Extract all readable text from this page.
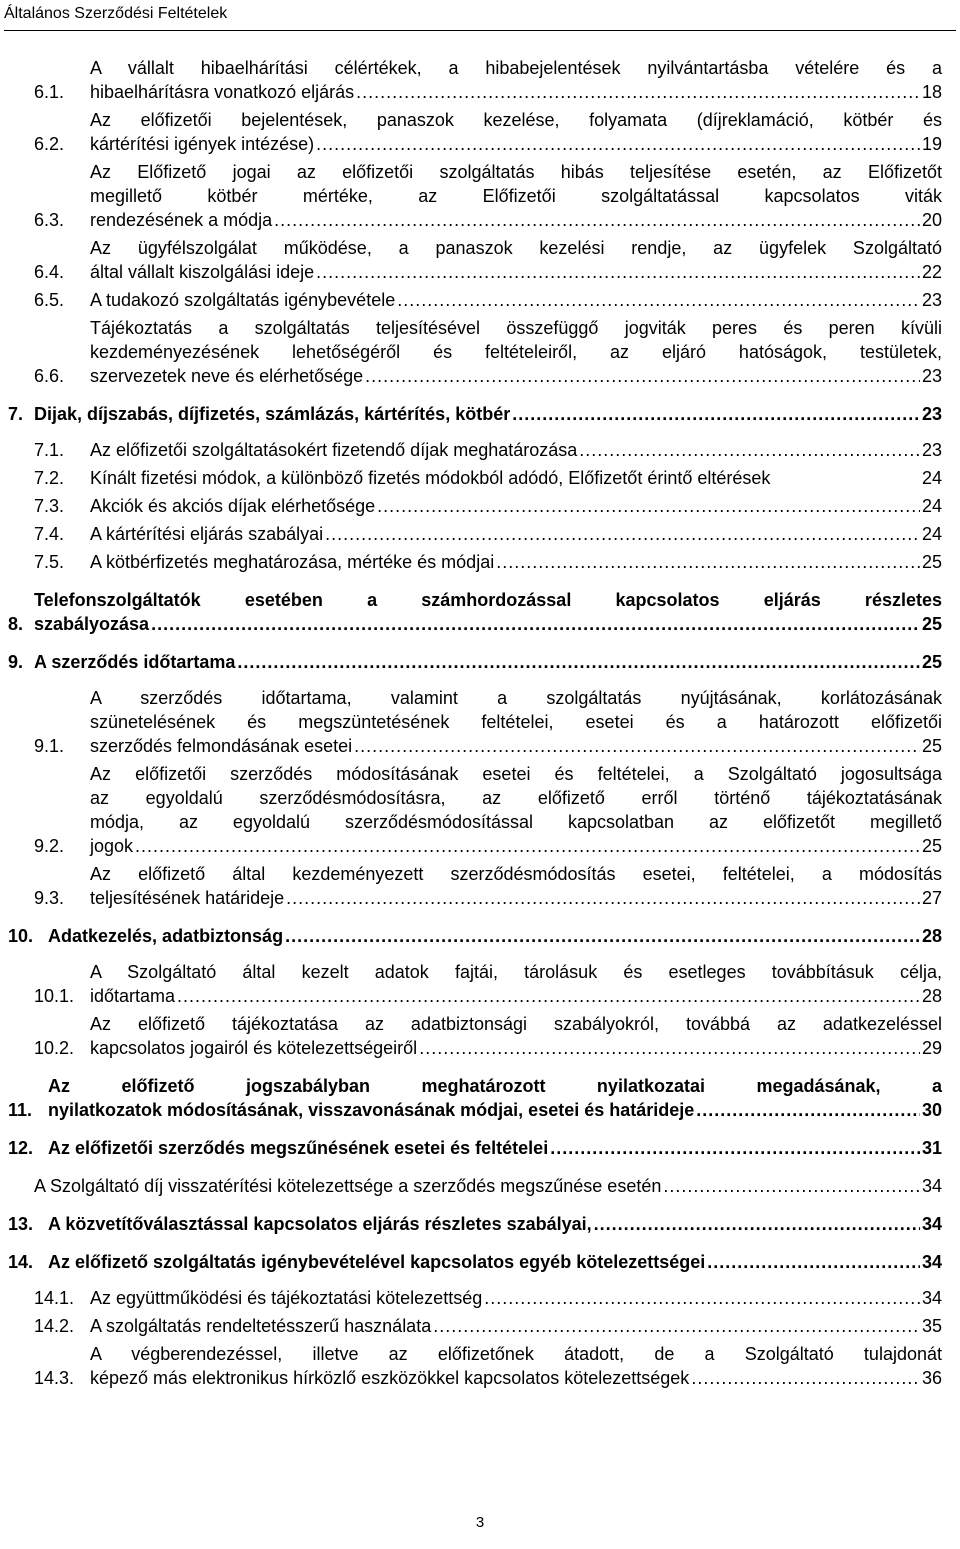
Általános Szerződési Feltételek
6.1.
A vállalt hibaelhárítási célértékek, a hibabejelentések nyilvántartásba vételére és a
hibaelhárításra vonatkozó eljárás .....	18
6.2.
Az előfizetői bejelentések, panaszok kezelése, folyamata (díjreklamáció, kötbér és
kártérítési igények intézése) .....	19
6.3.
Az Előfizető jogai az előfizetői szolgáltatás hibás teljesítése esetén, az Előfizetőt
megillető kötbér mértéke, az Előfizetői szolgáltatással kapcsolatos viták
rendezésének a módja .....	20
6.4.
Az ügyfélszolgálat működése, a panaszok kezelési rendje, az ügyfelek Szolgáltató
által vállalt kiszolgálási ideje .....	22
6.5.	A tudakozó szolgáltatás igénybevétele .....	23
6.6.
Tájékoztatás a szolgáltatás teljesítésével összefüggő jogviták peres és peren kívüli
kezdeményezésének lehetőségéről és feltételeiről, az eljáró hatóságok, testületek,
szervezetek neve és elérhetősége .....	23
7. Dijak, díjszabás, díjfizetés, számlázás, kártérítés, kötbér .....	23
7.1.	Az előfizetői szolgáltatásokért fizetendő díjak meghatározása .....	23
7.2.	Kínált fizetési módok, a különböző fizetés módokból adódó, Előfizetőt érintő eltérések	24
7.3.	Akciók és akciós díjak elérhetősége .....	24
7.4.	A kártérítési eljárás szabályai .....	24
7.5.	A kötbérfizetés meghatározása, mértéke és módjai .....	25
8.
Telefonszolgáltatók esetében a számhordozással kapcsolatos eljárás részletes
szabályozása .....	25
9. A szerződés időtartama .....	25
9.1.
A szerződés időtartama, valamint a szolgáltatás nyújtásának, korlátozásának
szünetelésének és megszüntetésének feltételei, esetei és a határozott előfizetői
szerződés felmondásának esetei .....	25
9.2.
Az előfizetői szerződés módosításának esetei és feltételei, a Szolgáltató jogosultsága
az egyoldalú szerződésmódosításra, az előfizető erről történő tájékoztatásának
módja, az egyoldalú szerződésmódosítással kapcsolatban az előfizetőt megillető
jogok .....	25
9.3.
Az előfizető által kezdeményezett szerződésmódosítás esetei, feltételei, a módosítás
teljesítésének határideje .....	27
10. Adatkezelés, adatbiztonság .....	28
10.1.
A Szolgáltató által kezelt adatok fajtái, tárolásuk és esetleges továbbításuk célja,
időtartama .....	28
10.2.
Az előfizető tájékoztatása az adatbiztonsági szabályokról, továbbá az adatkezeléssel
kapcsolatos jogairól és kötelezettségeiről .....	29
11.
Az előfizető jogszabályban meghatározott nyilatkozatai megadásának, a
nyilatkozatok módosításának, visszavonásának módjai, esetei és határideje .....	30
12. Az előfizetői szerződés megszűnésének esetei és feltételei .....	31
A Szolgáltató díj visszatérítési kötelezettsége a szerződés megszűnése esetén .....	34
13. A közvetítőválasztással kapcsolatos eljárás részletes szabályai, .....	34
14. Az előfizető szolgáltatás igénybevételével kapcsolatos egyéb kötelezettségei .....	34
14.1. Az együttműködési és tájékoztatási kötelezettség .....	34
14.2. A szolgáltatás rendeltetésszerű használata .....	35
14.3.
A végberendezéssel, illetve az előfizetőnek átadott, de a Szolgáltató tulajdonát
képező más elektronikus hírközlő eszközökkel kapcsolatos kötelezettségek .....	36
3
